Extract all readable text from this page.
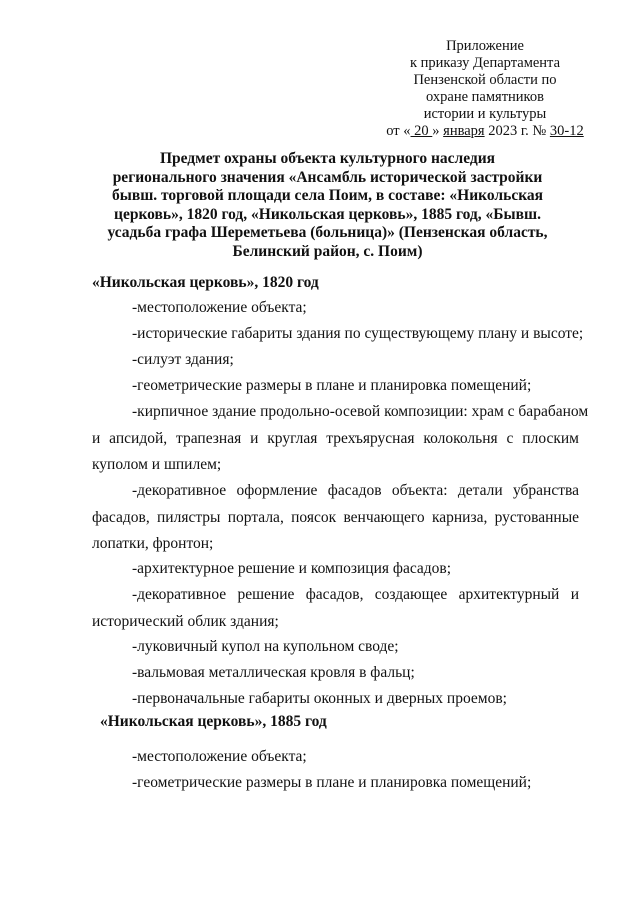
Приложение
к приказу Департамента
Пензенской области по
охране памятников
истории и культуры
от « 20 » января 2023 г. № 30-12
Предмет охраны объекта культурного наследия
регионального значения «Ансамбль исторической застройки
бывш. торговой площади села Поим, в составе: «Никольская
церковь», 1820 год, «Никольская церковь», 1885 год, «Бывш.
усадьба графа Шереметьева (больница)» (Пензенская область,
Белинский район, с. Поим)
«Никольская церковь», 1820 год
-местоположение объекта;
-исторические габариты здания по существующему плану и высоте;
-силуэт здания;
-геометрические размеры в плане и планировка помещений;
-кирпичное здание продольно-осевой композиции: храм с барабаном
и апсидой, трапезная и круглая трехъярусная колокольня с плоским
куполом и шпилем;
-декоративное оформление фасадов объекта: детали убранства
фасадов, пилястры портала, поясок венчающего карниза, рустованные
лопатки, фронтон;
-архитектурное решение и композиция фасадов;
-декоративное решение фасадов, создающее архитектурный и
исторический облик здания;
-луковичный купол на купольном своде;
-вальмовая металлическая кровля в фальц;
-первоначальные габариты оконных и дверных проемов;
«Никольская церковь», 1885 год
-местоположение объекта;
-геометрические размеры в плане и планировка помещений;
